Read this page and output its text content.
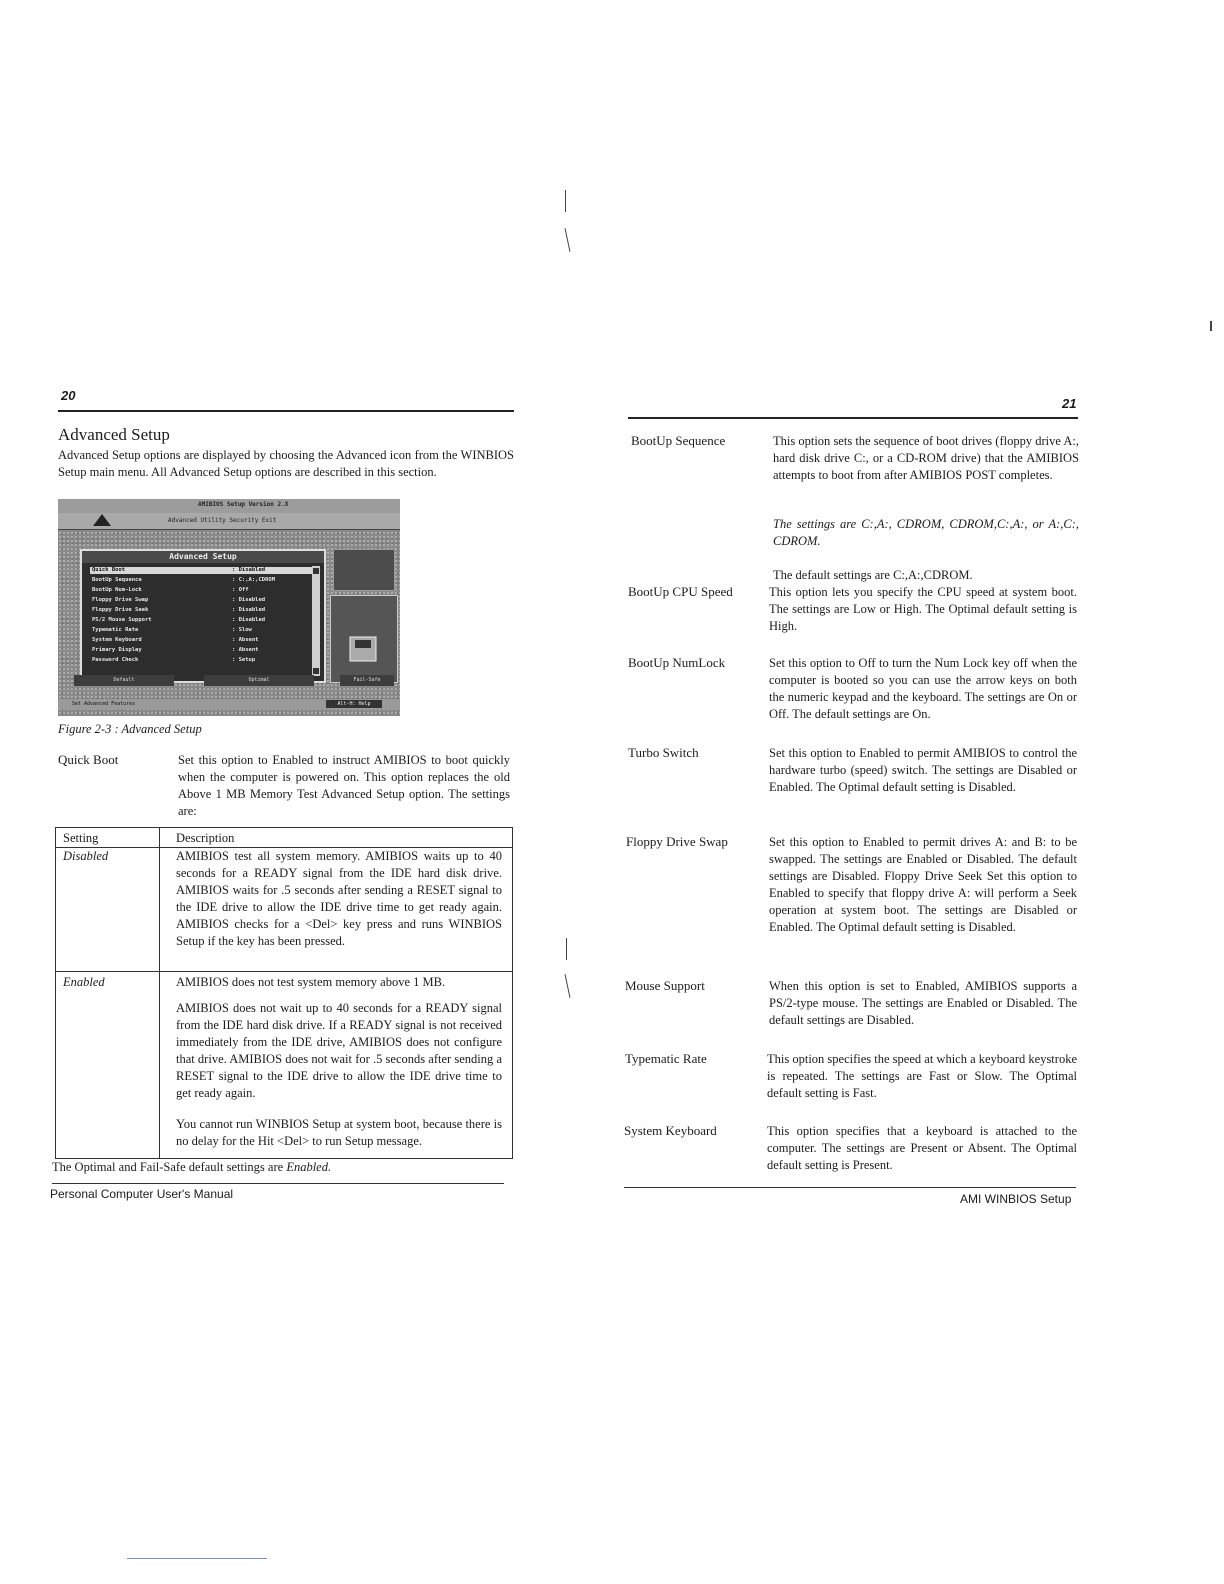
20
Advanced Setup
Advanced Setup options are displayed by choosing the Advanced icon from the WINBIOS Setup main menu. All Advanced Setup options are described in this section.
AMIBIOS Setup Version 2.X
Advanced Utility Security Exit
Advanced Setup
Quick Boot	: Disabled
BootUp Sequence	: C:,A:,CDROM
BootUp Num-Lock	: Off
Floppy Drive Swap	: Disabled
Floppy Drive Seek	: Disabled
PS/2 Mouse Support	: Disabled
Typematic Rate	: Slow
System Keyboard	: Absent
Primary Display	: Absent
Password Check	: Setup
Default	Optimal	Fail-Safe
Set Advanced Features	Alt-H: Help
Figure 2-3 : Advanced Setup
Quick Boot	Set this option to Enabled to instruct AMIBIOS to boot quickly when the computer is powered on. This option replaces the old Above 1 MB Memory Test Advanced Setup option. The settings are:
Setting	Description
Disabled	AMIBIOS test all system memory. AMIBIOS waits up to 40 seconds for a READY signal from the IDE hard disk drive. AMIBIOS waits for .5 seconds after sending a RESET signal to the IDE drive to allow the IDE drive time to get ready again. AMIBIOS checks for a <Del> key press and runs WINBIOS Setup if the key has been pressed.
Enabled	AMIBIOS does not test system memory above 1 MB.
AMIBIOS does not wait up to 40 seconds for a READY signal from the IDE hard disk drive. If a READY signal is not received immediately from the IDE drive, AMIBIOS does not configure that drive. AMIBIOS does not wait for .5 seconds after sending a RESET signal to the IDE drive to allow the IDE drive time to get ready again.
You cannot run WINBIOS Setup at system boot, because there is no delay for the Hit <Del> to run Setup message.
The Optimal and Fail-Safe default settings are Enabled.
Personal Computer User's Manual
21
BootUp Sequence	This option sets the sequence of boot drives (floppy drive A:, hard disk drive C:, or a CD-ROM drive) that the AMIBIOS attempts to boot from after AMIBIOS POST completes.
The settings are C:,A:, CDROM, CDROM,C:,A:, or A:,C:, CDROM.
The default settings are C:,A:,CDROM.
BootUp CPU Speed	This option lets you specify the CPU speed at system boot. The settings are Low or High. The Optimal default setting is High.
BootUp NumLock	Set this option to Off to turn the Num Lock key off when the computer is booted so you can use the arrow keys on both the numeric keypad and the keyboard. The settings are On or Off. The default settings are On.
Turbo Switch	Set this option to Enabled to permit AMIBIOS to control the hardware turbo (speed) switch. The settings are Disabled or Enabled. The Optimal default setting is Disabled.
Floppy Drive Swap	Set this option to Enabled to permit drives A: and B: to be swapped. The settings are Enabled or Disabled. The default settings are Disabled. Floppy Drive Seek Set this option to Enabled to specify that floppy drive A: will perform a Seek operation at system boot. The settings are Disabled or Enabled. The Optimal default setting is Disabled.
Mouse Support	When this option is set to Enabled, AMIBIOS supports a PS/2-type mouse. The settings are Enabled or Disabled. The default settings are Disabled.
Typematic Rate	This option specifies the speed at which a keyboard keystroke is repeated. The settings are Fast or Slow. The Optimal default setting is Fast.
System Keyboard	This option specifies that a keyboard is attached to the computer. The settings are Present or Absent. The Optimal default setting is Present.
AMI WINBIOS Setup
